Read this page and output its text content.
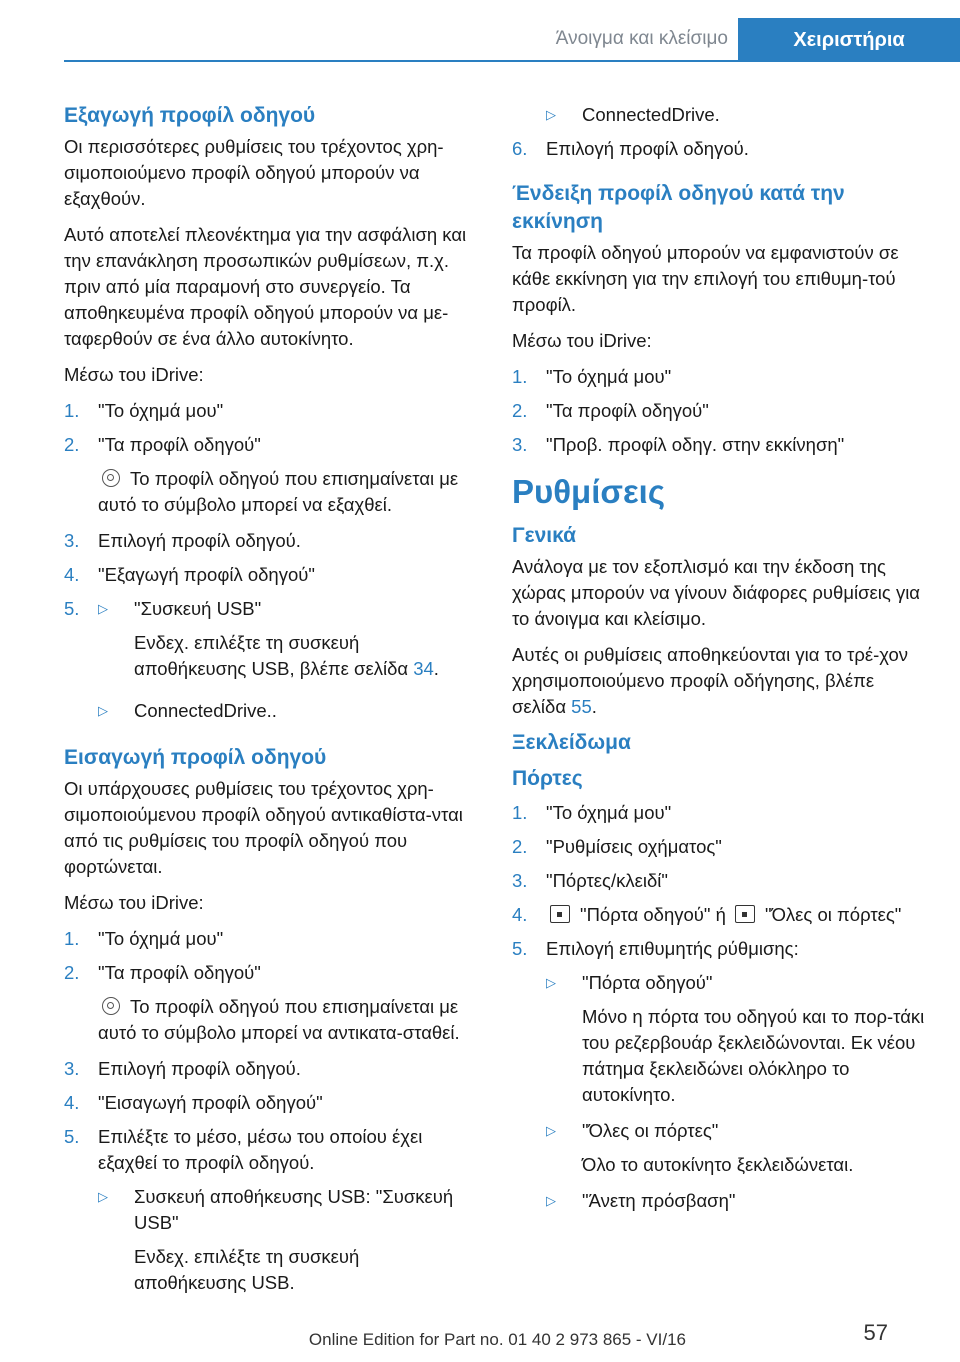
Άνοιγμα και κλείσιμο	Χειριστήρια
Εξαγωγή προφίλ οδηγού

Οι περισσότερες ρυθμίσεις του τρέχοντος χρη-σιμοποιούμενο προφίλ οδηγού μπορούν να εξαχθούν.

Αυτό αποτελεί πλεονέκτημα για την ασφάλιση και την επανάκληση προσωπικών ρυθμίσεων, π.χ. πριν από μία παραμονή στο συνεργείο. Τα αποθηκευμένα προφίλ οδηγού μπορούν να με-ταφερθούν σε ένα άλλο αυτοκίνητο.

Μέσω του iDrive:

1.	"Το όχημά μου"
2.	"Τα προφίλ οδηγού"
Το προφίλ οδηγού που επισημαίνεται με αυτό το σύμβολο μπορεί να εξαχθεί.
3.	Επιλογή προφίλ οδηγού.
4.	"Εξαγωγή προφίλ οδηγού"
5.	▷	"Συσκευή USB"
Ενδεχ. επιλέξτε τη συσκευή αποθήκευσης USB, βλέπε σελίδα 34.
▷	ConnectedDrive..
Εισαγωγή προφίλ οδηγού

Οι υπάρχουσες ρυθμίσεις του τρέχοντος χρη-σιμοποιούμενου προφίλ οδηγού αντικαθίστα-νται από τις ρυθμίσεις του προφίλ οδηγού που φορτώνεται.

Μέσω του iDrive:

1.	"Το όχημά μου"
2.	"Τα προφίλ οδηγού"
Το προφίλ οδηγού που επισημαίνεται με αυτό το σύμβολο μπορεί να αντικατα-σταθεί.
3.	Επιλογή προφίλ οδηγού.
4.	"Εισαγωγή προφίλ οδηγού"
5.	Επιλέξτε το μέσο, μέσω του οποίου έχει εξαχθεί το προφίλ οδηγού.
▷	Συσκευή αποθήκευσης USB: "Συσκευή USB"
Ενδεχ. επιλέξτε τη συσκευή αποθήκευσης USB.
▷	ConnectedDrive.
6.	Επιλογή προφίλ οδηγού.
Ένδειξη προφίλ οδηγού κατά την εκκίνηση

Τα προφίλ οδηγού μπορούν να εμφανιστούν σε κάθε εκκίνηση για την επιλογή του επιθυμη-τού προφίλ.

Μέσω του iDrive:

1.	"Το όχημά μου"
2.	"Τα προφίλ οδηγού"
3.	"Προβ. προφίλ οδηγ. στην εκκίνηση"
Ρυθμίσεις
Γενικά

Ανάλογα με τον εξοπλισμό και την έκδοση της χώρας μπορούν να γίνουν διάφορες ρυθμίσεις για το άνοιγμα και κλείσιμο.

Αυτές οι ρυθμίσεις αποθηκεύονται για το τρέ-χον χρησιμοποιούμενο προφίλ οδήγησης, βλέπε σελίδα 55.

Ξεκλείδωμα
Πόρτες
1.	"Το όχημά μου"
2.	"Ρυθμίσεις οχήματος"
3.	"Πόρτες/κλειδί"
4.	"Πόρτα οδηγού" ή "Όλες οι πόρτες"
5.	Επιλογή επιθυμητής ρύθμισης:
▷	"Πόρτα οδηγού"
Μόνο η πόρτα του οδηγού και το πορ-τάκι του ρεζερβουάρ ξεκλειδώνονται. Εκ νέου πάτημα ξεκλειδώνει ολόκληρο το αυτοκίνητο.
▷	"Όλες οι πόρτες"
Όλο το αυτοκίνητο ξεκλειδώνεται.
▷	"Άνετη πρόσβαση"
Online Edition for Part no. 01 40 2 973 865 - VI/16	57
